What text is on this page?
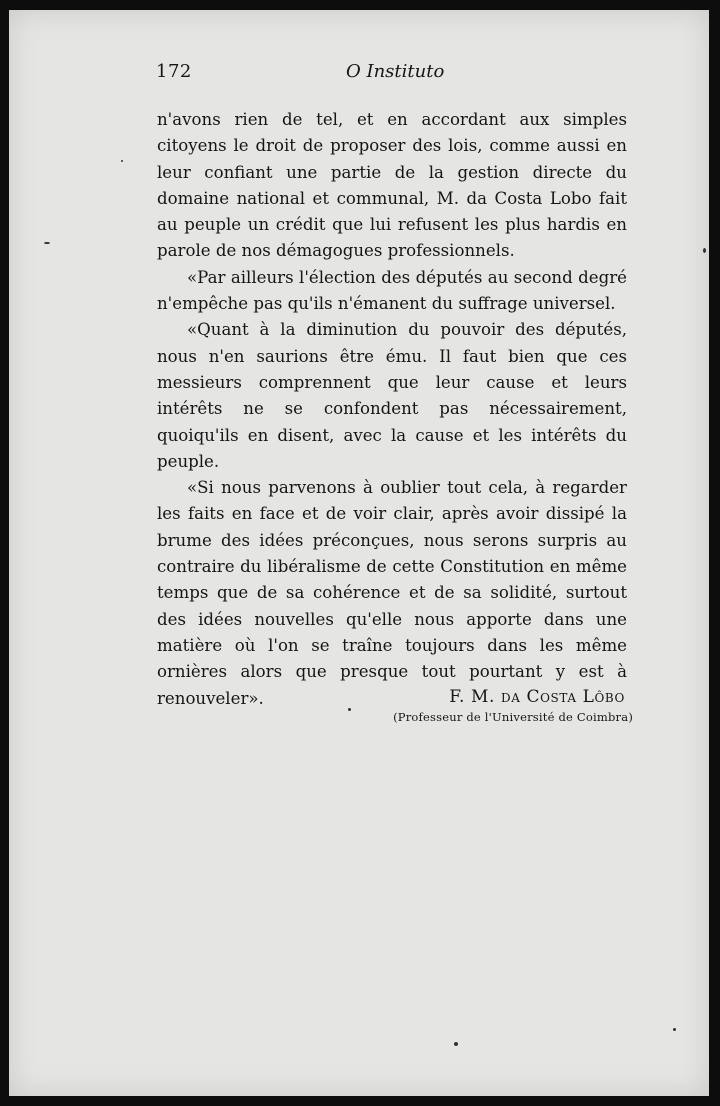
172	O Instituto

n'avons rien de tel, et en accordant aux simples citoyens le droit de proposer des lois, comme aussi en leur confiant une partie de la gestion directe du domaine national et communal, M. da Costa Lobo fait au peuple un crédit que lui refusent les plus hardis en parole de nos démagogues professionnels.

«Par ailleurs l'élection des députés au second degré n'empêche pas qu'ils n'émanent du suffrage universel.

«Quant à la diminution du pouvoir des députés, nous n'en saurions être ému. Il faut bien que ces messieurs comprennent que leur cause et leurs intérêts ne se confondent pas nécessairement, quoiqu'ils en disent, avec la cause et les intérêts du peuple.

«Si nous parvenons à oublier tout cela, à regarder les faits en face et de voir clair, après avoir dissipé la brume des idées préconçues, nous serons surpris au contraire du libéralisme de cette Constitution en même temps que de sa cohérence et de sa solidité, surtout des idées nouvelles qu'elle nous apporte dans une matière où l'on se traîne toujours dans les même ornières alors que presque tout pourtant y est à renouveler».	F. M. da Costa Lôbo
(Professeur de l'Université de Coimbra)
